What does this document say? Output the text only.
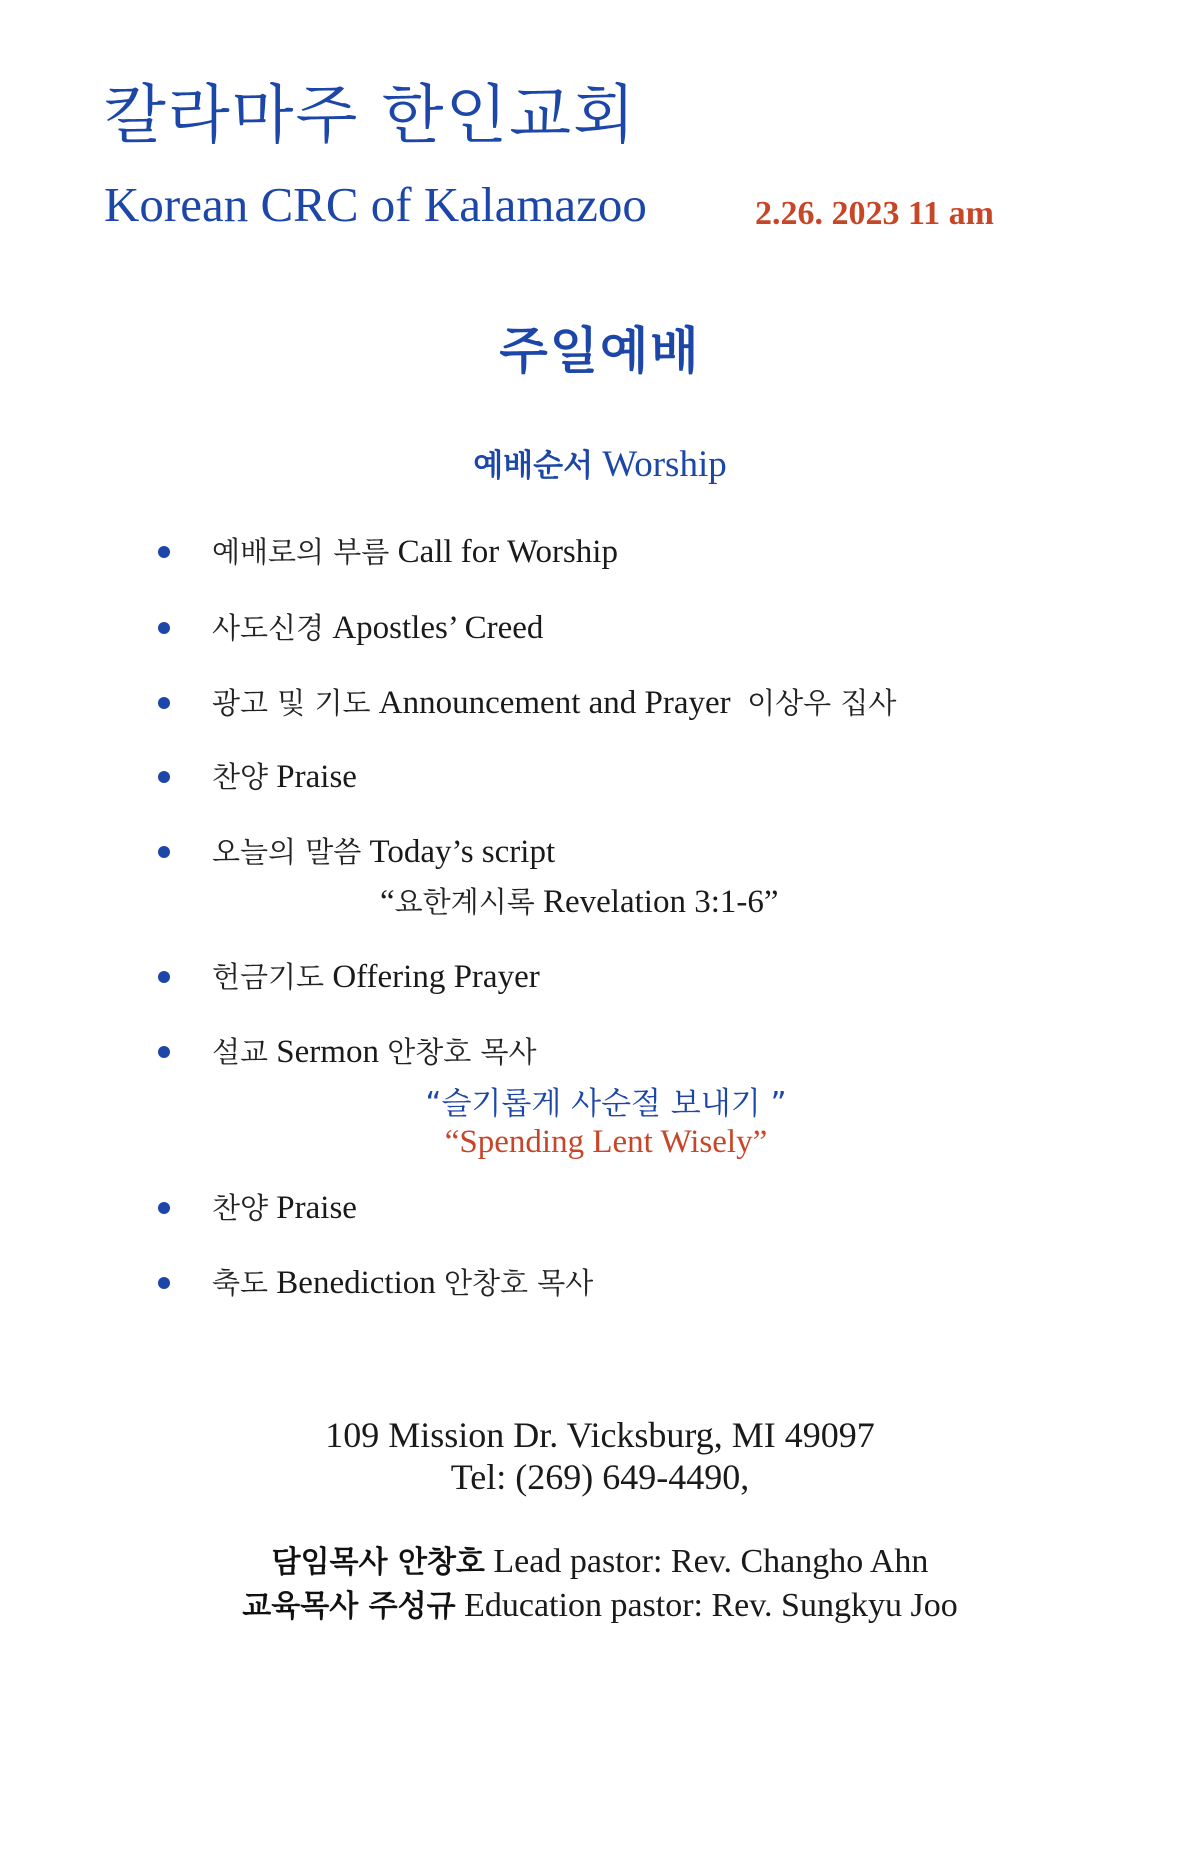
칼라마주 한인교회
Korean CRC of Kalamazoo	2.26. 2023 11 am
주일예배
예배순서 Worship
예배로의 부름 Call for Worship
사도신경 Apostles’ Creed
광고 및 기도 Announcement and Prayer 이상우 집사
찬양 Praise
오늘의 말씀 Today’s script
“요한계시록 Revelation 3:1-6”
헌금기도 Offering Prayer
설교 Sermon 안창호 목사
“슬기롭게 사순절 보내기 ”
“Spending Lent Wisely”
찬양 Praise
축도 Benediction 안창호 목사
109 Mission Dr. Vicksburg, MI 49097
Tel: (269) 649-4490,
담임목사 안창호 Lead pastor: Rev. Changho Ahn
교육목사 주성규 Education pastor: Rev. Sungkyu Joo
